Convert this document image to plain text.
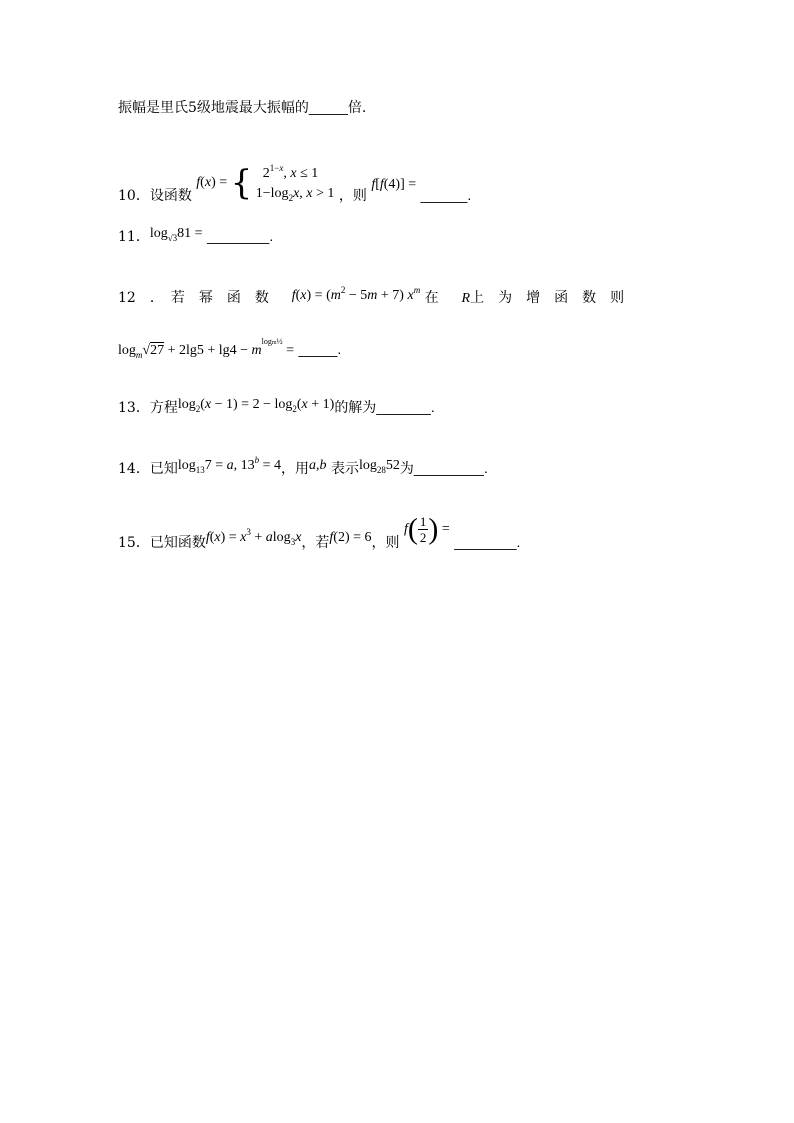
振幅是里氏5级地震最大振幅的_____倍.
10．设函数 f(x) = { $2^{1-x}$, x ≤ 1
$1-\log_2x$, x > 1 ，则 f[f(4)] = ______.
11．$\log_{√3}81$ = ________.
12　．　若　幂　函　数 $f(x) = (m^2 - 5m + 7)$ $x^m$ 在 R上　为　增　函　数　则
$\log_m√27 + 2\lg 5 + \lg 4 - m^{logm\frac{1}{2}}$ = _____.
13．方程$\log_2(x - 1) = 2 - \log_2(x + 1)$的解为_______.
14．已知$\log_{13}7 = a$, $13^b = 4$，用a,b 表示$\log_{28}52$为_________.
15．已知函数$f(x) = x^3 + alog_3x$，若f(2) = 6，则 $f( \frac{1}{2}$ ) = ________.
